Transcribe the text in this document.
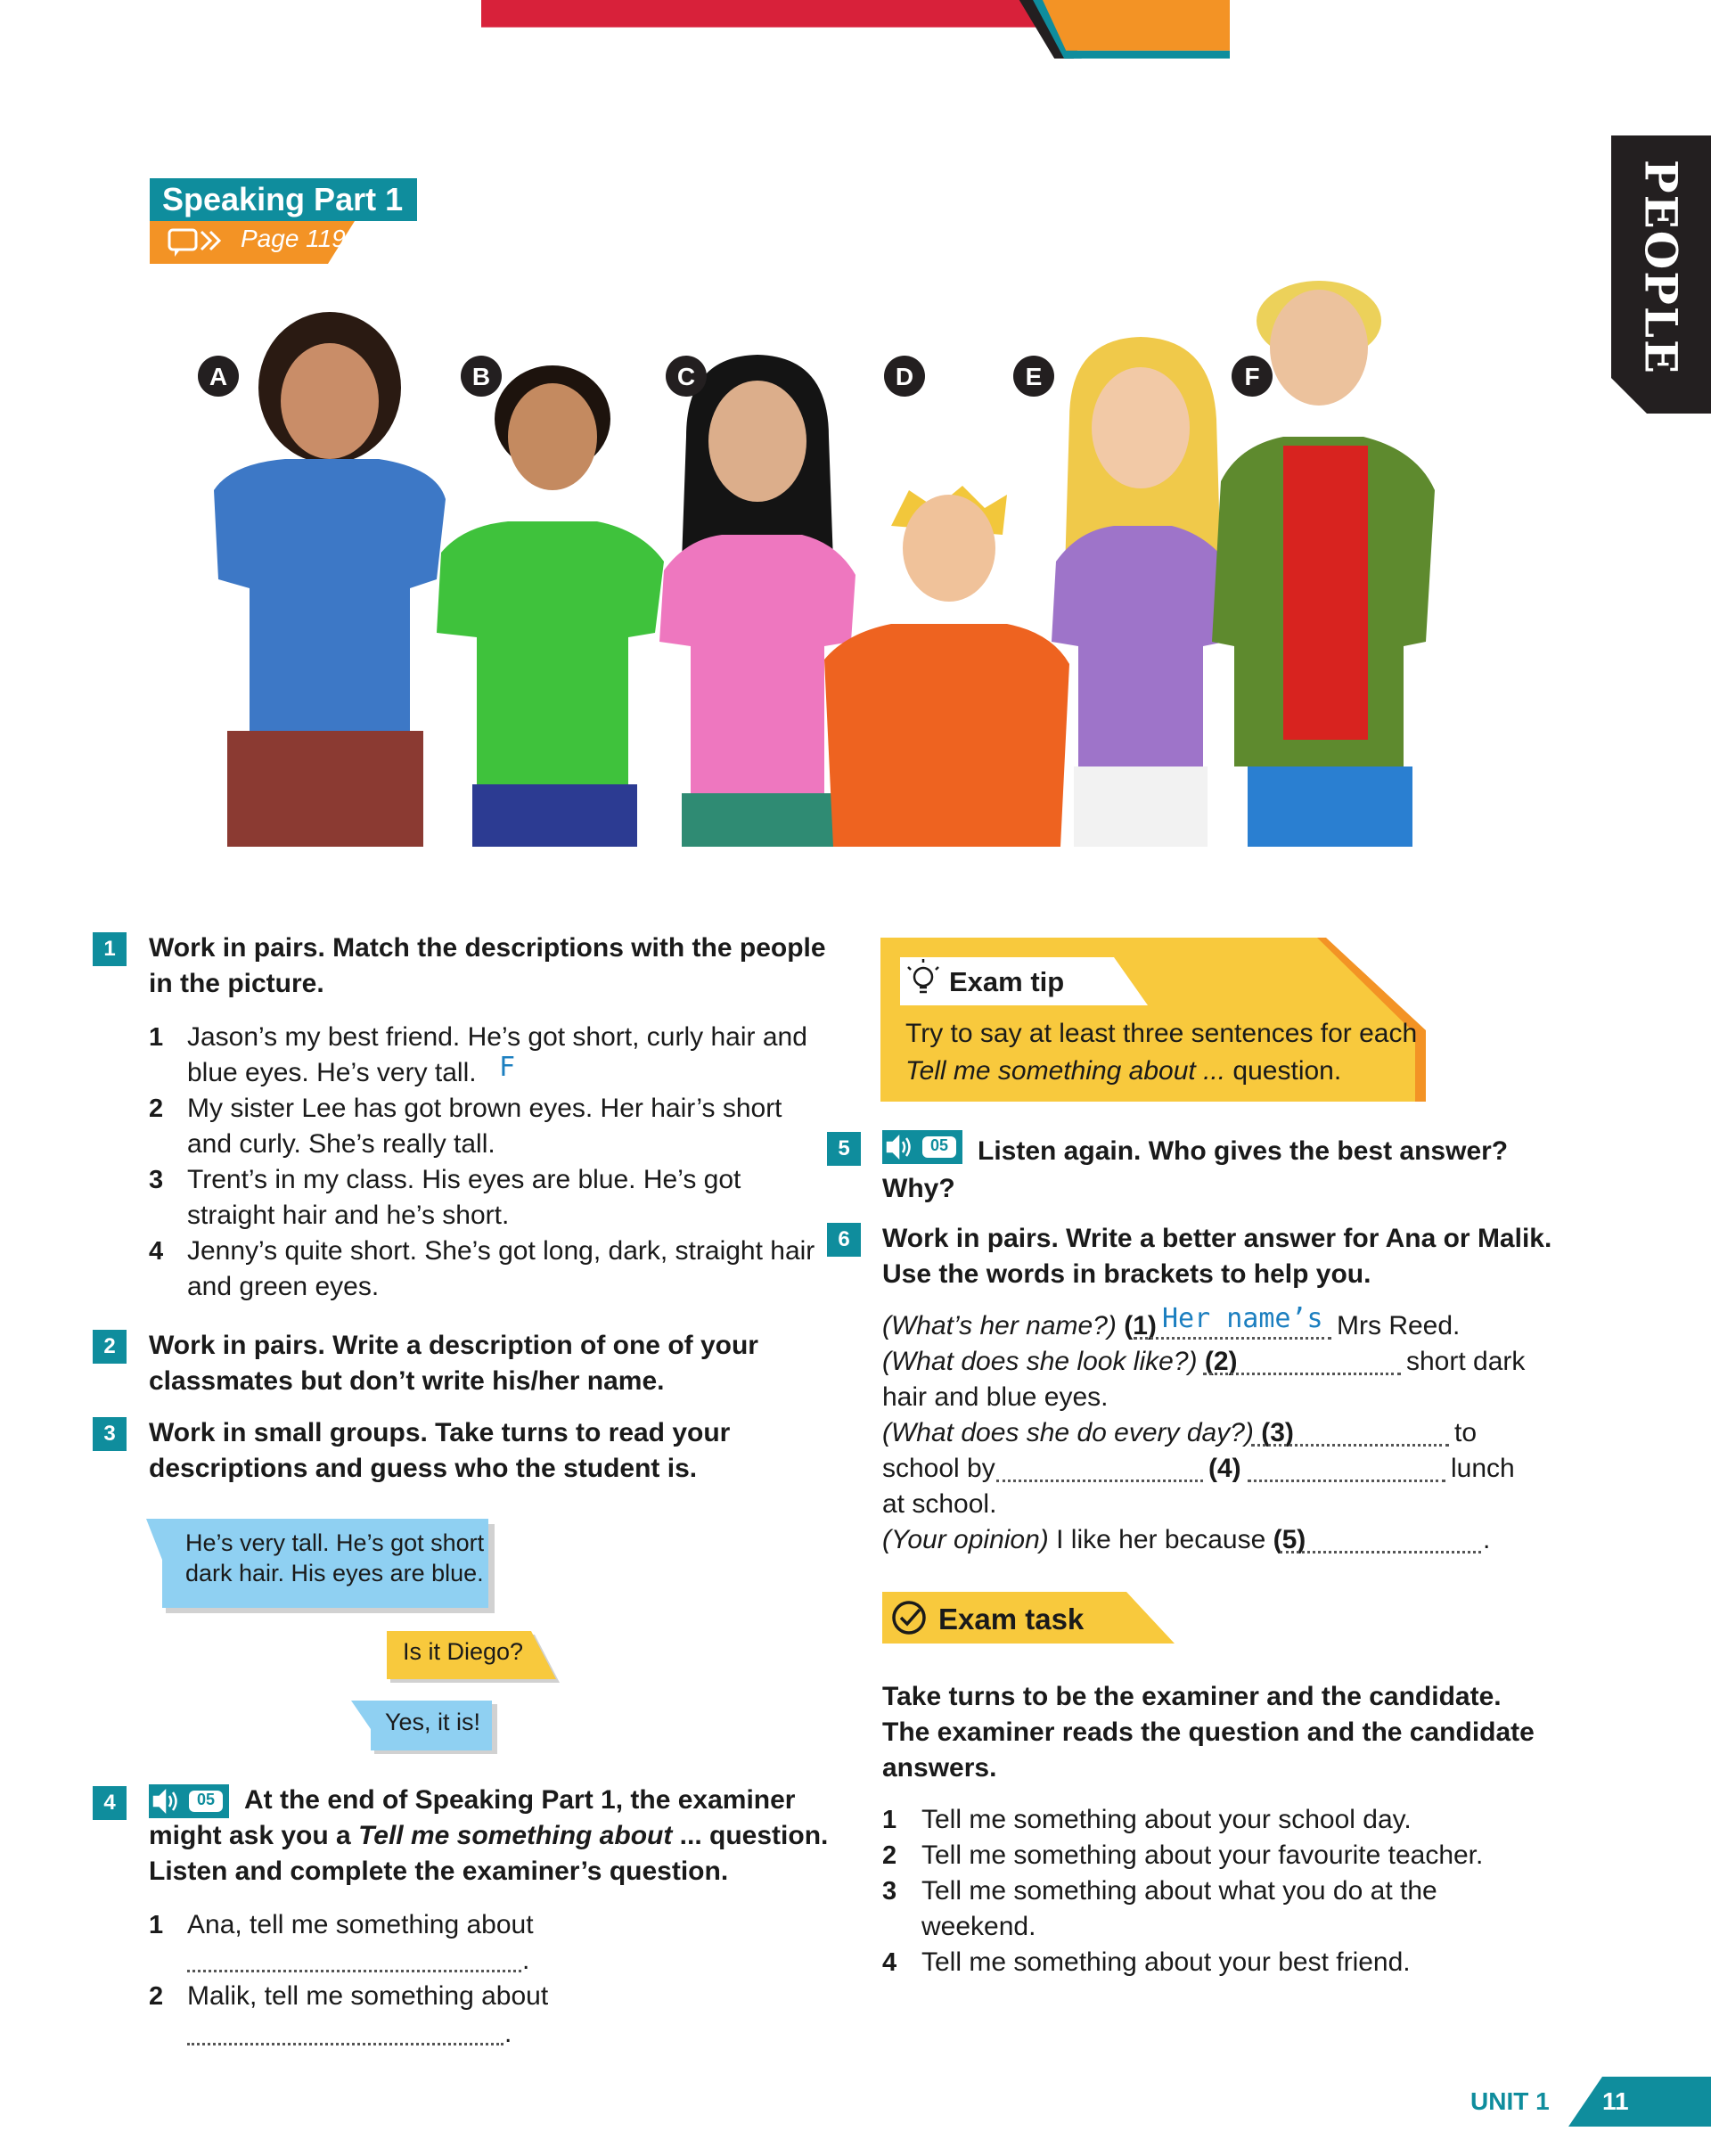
Speaking
PEOPLE
Speaking Part 1
Page 119
A	B	C	D	E	F
1	Work in pairs. Match the descriptions with the people
in the picture.
1 Jason’s my best friend. He’s got short, curly hair and
blue eyes. He’s very tall. F
2 My sister Lee has got brown eyes. Her hair’s short
and curly. She’s really tall.
3 Trent’s in my class. His eyes are blue. He’s got
straight hair and he’s short.
4 Jenny’s quite short. She’s got long, dark, straight hair
and green eyes.
2	Work in pairs. Write a description of one of your
classmates but don’t write his/her name.
3	Work in small groups. Take turns to read your
descriptions and guess who the student is.
He’s very tall. He’s got short
dark hair. His eyes are blue.
Is it Diego?
Yes, it is!
4	05 At the end of Speaking Part 1, the examiner
might ask you a Tell me something about ... question.
Listen and complete the examiner’s question.
1 Ana, tell me something about
.
2 Malik, tell me something about
.
Exam tip
Try to say at least three sentences for each
Tell me something about ... question.
5	05 Listen again. Who gives the best answer?
Why?
6	Work in pairs. Write a better answer for Ana or Malik.
Use the words in brackets to help you.
(What’s her name?) (1) Her name’s Mrs Reed.
(What does she look like?) (2)	short dark
hair and blue eyes.
(What does she do every day?) (3)	to
school by	(4)	lunch
at school.
(Your opinion) I like her because (5)	.
Exam task
Take turns to be the examiner and the candidate.
The examiner reads the question and the candidate
answers.
1 Tell me something about your school day.
2 Tell me something about your favourite teacher.
3 Tell me something about what you do at the
weekend.
4 Tell me something about your best friend.
UNIT 1 11
